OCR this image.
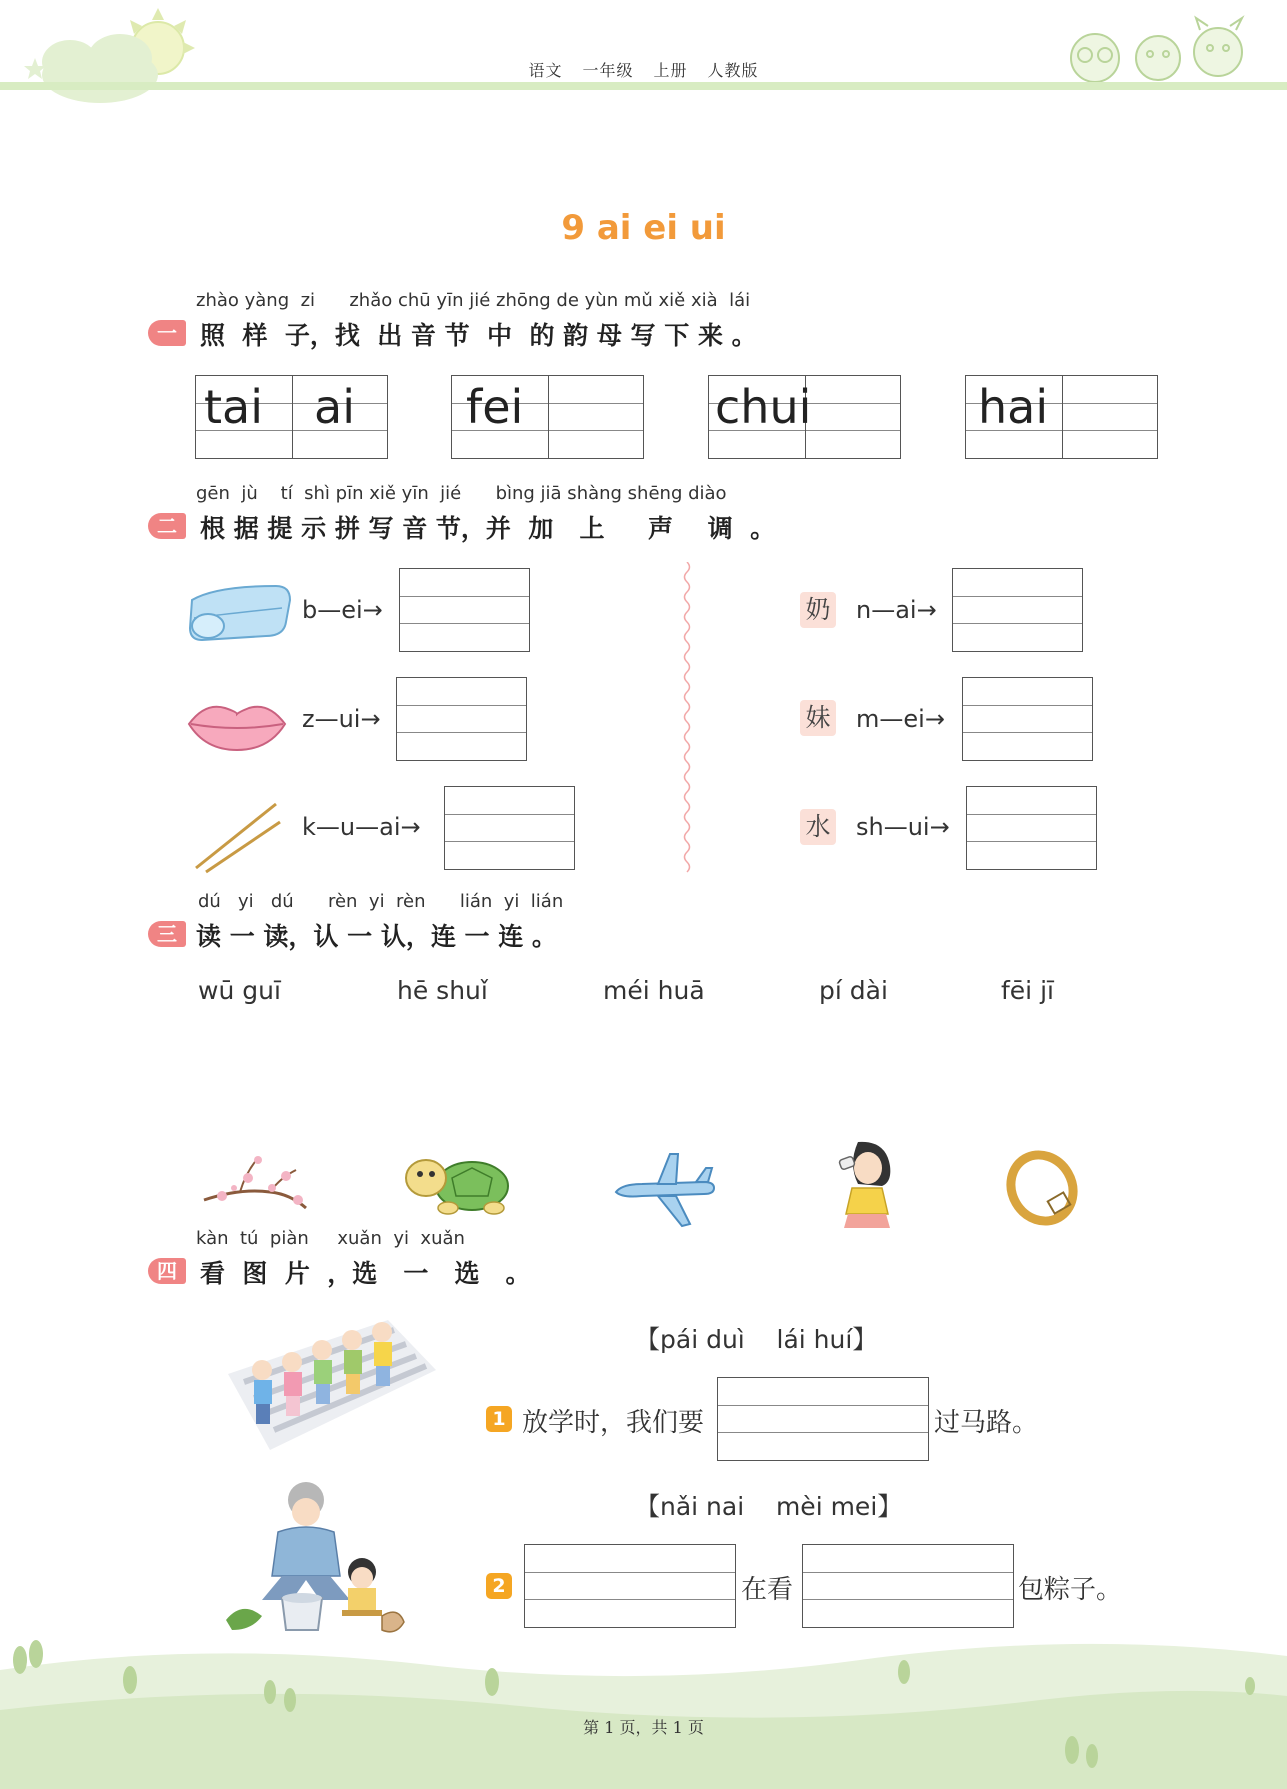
语文 一年级 上册 人教版
9 ai ei ui
zhào yàng  zi      zhǎo chū yīn jié zhōng de yùn mǔ xiě xià  lái
一 照  样  子，找  出 音 节  中  的 韵 母 写 下 来 。
tai ai fei	chui	hai
gēn  jù    tí  shì pīn xiě yīn  jié      bìng jiā shàng shēng diào
二 根 据 提 示 拼 写 音 节，并  加   上     声    调  。
b—ei→
z—ui→
k—u—ai→
奶 n—ai→
妹 m—ei→
水 sh—ui→
dú   yi   dú      rèn  yi  rèn      lián  yi  lián
三 读 一 读，认 一 认，连 一 连 。
wū guī	hē shuǐ	méi huā	pí dài	fēi jī
kàn  tú  piàn     xuǎn  yi  xuǎn
四 看  图  片  ，选   一   选   。
【pái duì    lái huí】
1 放学时，我们要	过马路。
【nǎi nai    mèi mei】
2	在看	包粽子。
第 1 页，共 1 页
